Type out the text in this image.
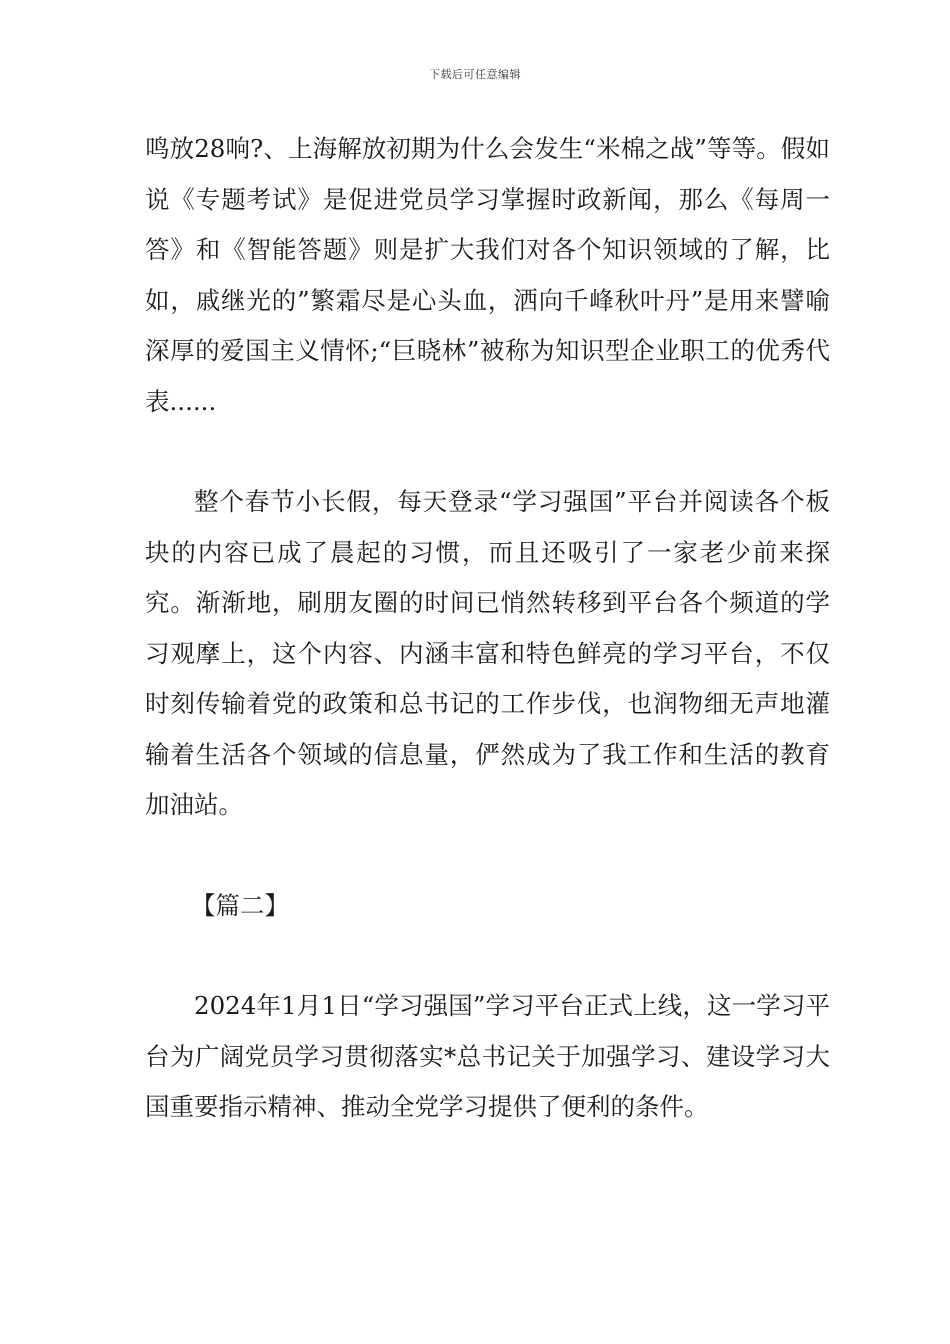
下载后可任意编辑

鸣放28响?、上海解放初期为什么会发生“米棉之战”等等。假如说《专题考试》是促进党员学习掌握时政新闻，那么《每周一答》和《智能答题》则是扩大我们对各个知识领域的了解，比如，戚继光的”繁霜尽是心头血，洒向千峰秋叶丹”是用来譬喻深厚的爱国主义情怀;“巨晓林”被称为知识型企业职工的优秀代表......

整个春节小长假，每天登录“学习强国”平台并阅读各个板块的内容已成了晨起的习惯，而且还吸引了一家老少前来探究。渐渐地，刷朋友圈的时间已悄然转移到平台各个频道的学习观摩上，这个内容、内涵丰富和特色鲜亮的学习平台，不仅时刻传输着党的政策和总书记的工作步伐，也润物细无声地灌输着生活各个领域的信息量，俨然成为了我工作和生活的教育加油站。

【篇二】

2024年1月1日“学习强国”学习平台正式上线，这一学习平台为广阔党员学习贯彻落实*总书记关于加强学习、建设学习大国重要指示精神、推动全党学习提供了便利的条件。
